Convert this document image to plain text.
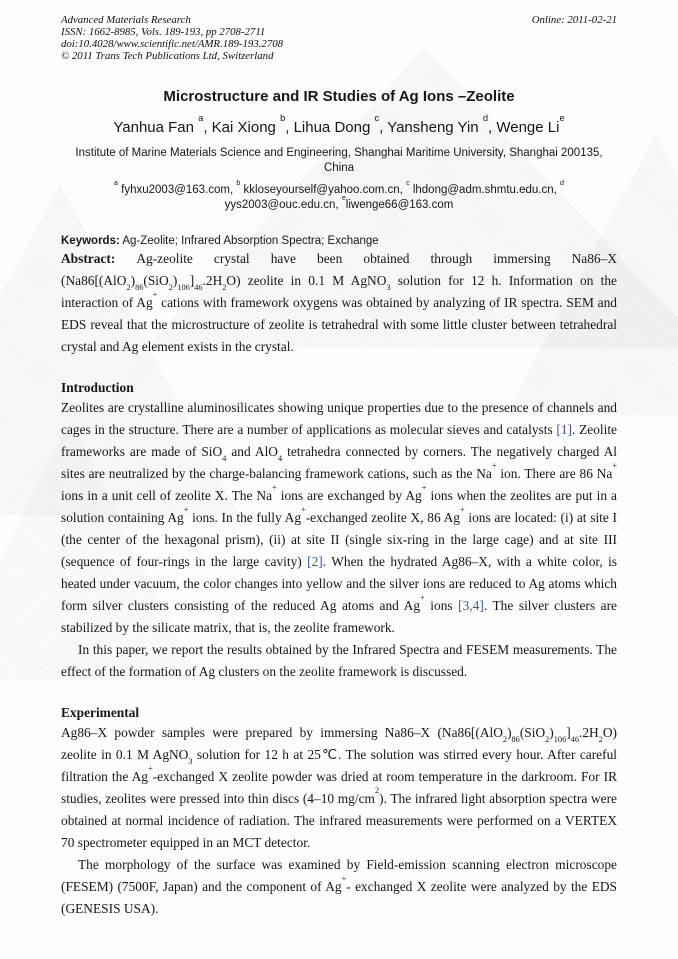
Advanced Materials Research
ISSN: 1662-8985, Vols. 189-193, pp 2708-2711
doi:10.4028/www.scientific.net/AMR.189-193.2708
© 2011 Trans Tech Publications Ltd, Switzerland
Online: 2011-02-21
Microstructure and IR Studies of Ag Ions –Zeolite
Yanhua Fan $^a$, Kai Xiong $^b$, Lihua Dong $^c$, Yansheng Yin $^d$, Wenge Li$^e$
Institute of Marine Materials Science and Engineering, Shanghai Maritime University, Shanghai 200135, China
$^a$ fyhxu2003@163.com, $^b$ kkloseyourself@yahoo.com.cn, $^c$ lhdong@adm.shmtu.edu.cn, $^d$
yys2003@ouc.edu.cn, $^e$liwenge66@163.com
Keywords: Ag-Zeolite; Infrared Absorption Spectra; Exchange

Abstract: Ag-zeolite crystal have been obtained through immersing Na86–X $(Na86[(AlO_2)_{86}(SiO_2)_{106}]_{46}.2H_2O)$ zeolite in 0.1 M AgNO$_3$ solution for 12 h. Information on the interaction of Ag+ cations with framework oxygens was obtained by analyzing of IR spectra. SEM and EDS reveal that the microstructure of zeolite is tetrahedral with some little cluster between tetrahedral crystal and Ag element exists in the crystal.

Introduction

Zeolites are crystalline aluminosilicates showing unique properties due to the presence of channels and cages in the structure. There are a number of applications as molecular sieves and catalysts [1]. Zeolite frameworks are made of SiO$_4$ and AlO$_4$ tetrahedra connected by corners. The negatively charged Al sites are neutralized by the charge-balancing framework cations, such as the Na+ ion. There are 86 Na+ ions in a unit cell of zeolite X. The Na+ ions are exchanged by Ag+ ions when the zeolites are put in a solution containing Ag+ ions. In the fully Ag+-exchanged zeolite X, 86 Ag+ ions are located: (i) at site I (the center of the hexagonal prism), (ii) at site II (single six-ring in the large cage) and at site III (sequence of four-rings in the large cavity) [2]. When the hydrated Ag86–X, with a white color, is heated under vacuum, the color changes into yellow and the silver ions are reduced to Ag atoms which form silver clusters consisting of the reduced Ag atoms and Ag+ ions [3,4]. The silver clusters are stabilized by the silicate matrix, that is, the zeolite framework.

In this paper, we report the results obtained by the Infrared Spectra and FESEM measurements. The effect of the formation of Ag clusters on the zeolite framework is discussed.

Experimental

Ag86–X powder samples were prepared by immersing Na86–X $(Na86[(AlO_2)_{86}(SiO_2)_{106}]_{46}.2H_2O)$ zeolite in 0.1 M AgNO$_3$ solution for 12 h at 25℃. The solution was stirred every hour. After careful filtration the Ag+-exchanged X zeolite powder was dried at room temperature in the darkroom. For IR studies, zeolites were pressed into thin discs (4–10 $mg/cm^2$). The infrared light absorption spectra were obtained at normal incidence of radiation. The infrared measurements were performed on a VERTEX 70 spectrometer equipped in an MCT detector.

The morphology of the surface was examined by Field-emission scanning electron microscope (FESEM) (7500F, Japan) and the component of Ag+- exchanged X zeolite were analyzed by the EDS (GENESIS USA).
